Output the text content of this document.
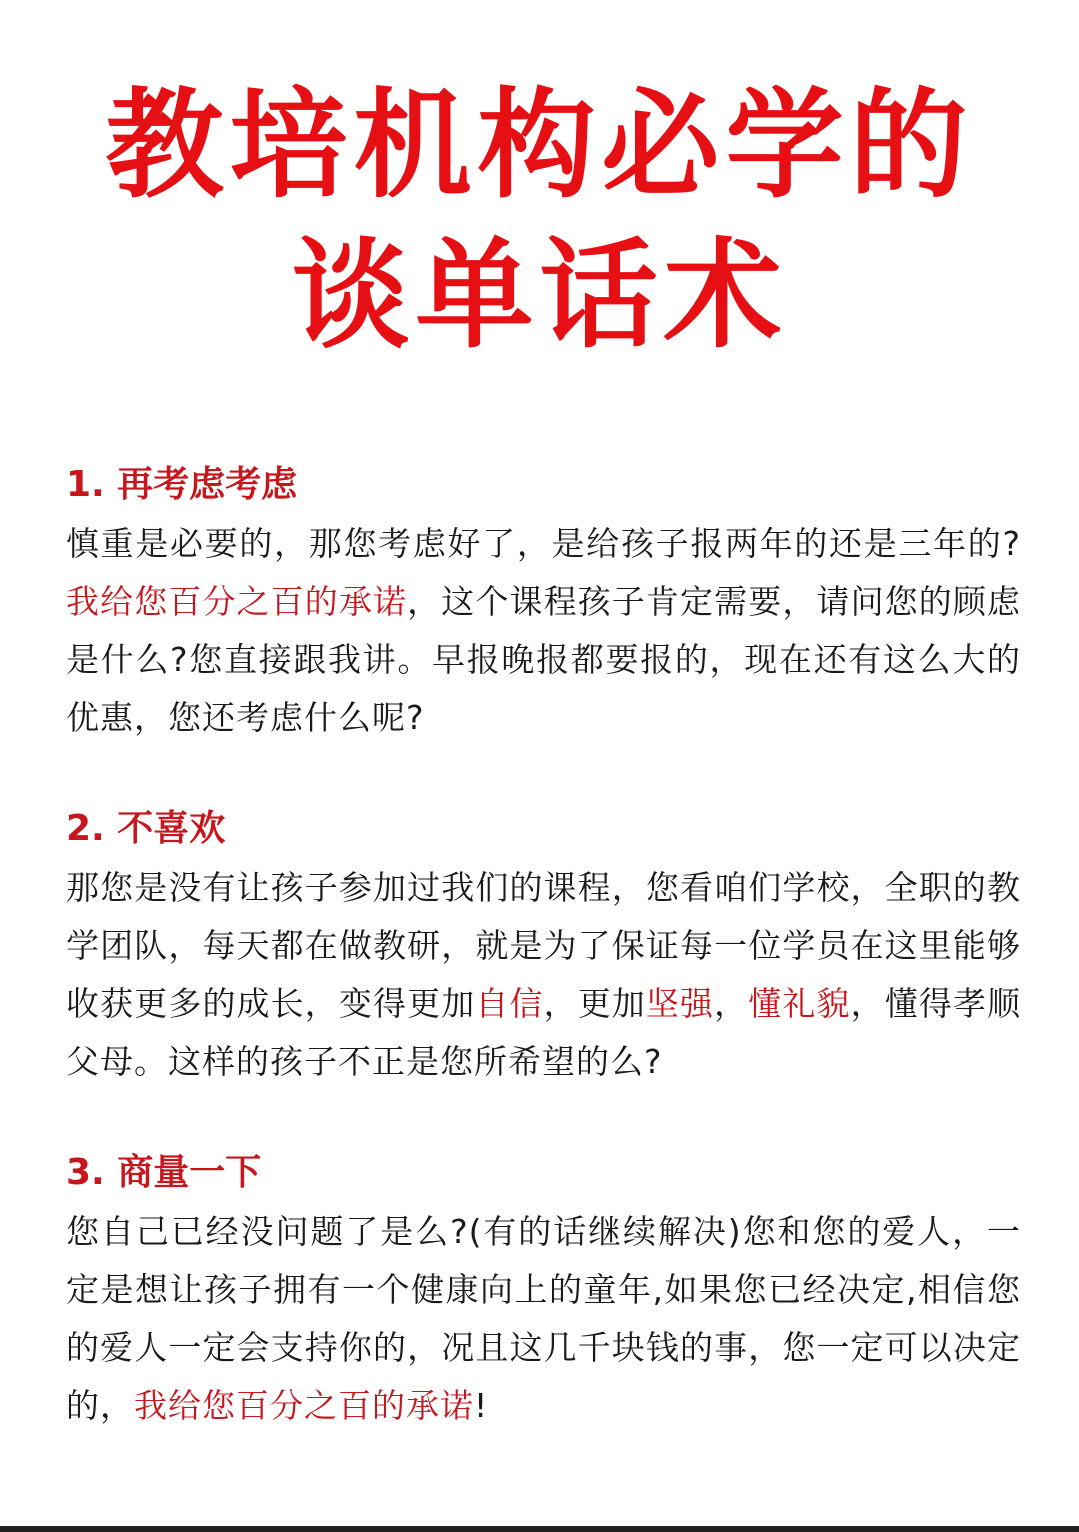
教培机构必学的
谈单话术

1. 再考虑考虑

慎重是必要的，那您考虑好了，是给孩子报两年的还是三年的?我给您百分之百的承诺，这个课程孩子肯定需要，请问您的顾虑是什么?您直接跟我讲。早报晚报都要报的，现在还有这么大的优惠，您还考虑什么呢?

2. 不喜欢

那您是没有让孩子参加过我们的课程，您看咱们学校，全职的教学团队，每天都在做教研，就是为了保证每一位学员在这里能够收获更多的成长，变得更加自信，更加坚强，懂礼貌，懂得孝顺父母。这样的孩子不正是您所希望的么?

3. 商量一下

您自己已经没问题了是么?(有的话继续解决)您和您的爱人，一定是想让孩子拥有一个健康向上的童年,如果您已经决定,相信您的爱人一定会支持你的，况且这几千块钱的事，您一定可以决定的，我给您百分之百的承诺!
